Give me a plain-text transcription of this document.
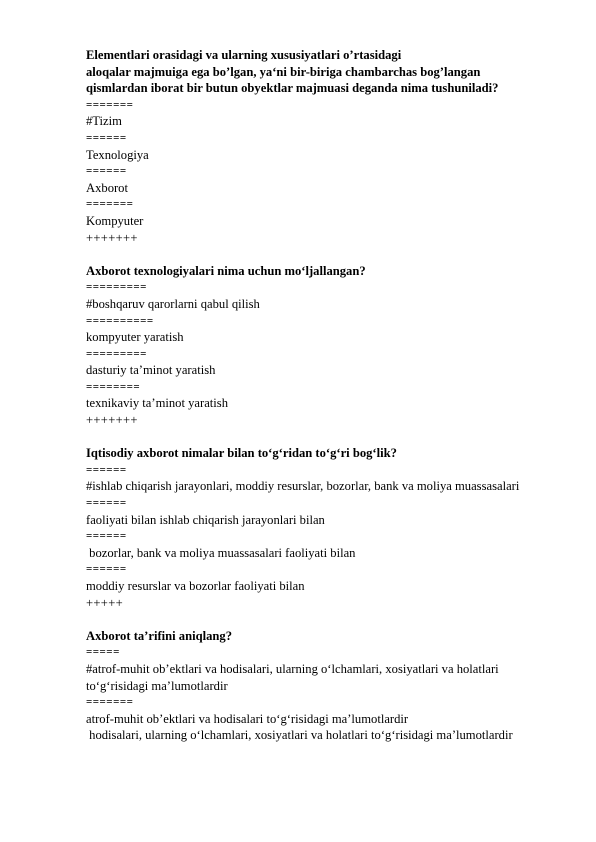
Elementlari orasidagi va ularning xususiyatlari o’rtasidagi
aloqalar majmuiga ega bo’lgan, ya‘ni bir-biriga chambarchas bog’langan
qismlardan iborat bir butun obyektlar majmuasi deganda nima tushuniladi?
=======
#Tizim
======
Texnologiya
======
Axborot
=======
Kompyuter
+++++++
Axborot texnologiyalari nima uchun mo‘ljallangan?
=========
#boshqaruv qarorlarni qabul qilish
==========
kompyuter yaratish
=========
dasturiy ta’minot yaratish
========
texnikaviy ta’minot yaratish
+++++++
Iqtisodiy axborot nimalar bilan to‘g‘ridan to‘g‘ri bog‘lik?
======
#ishlab chiqarish jarayonlari, moddiy resurslar, bozorlar, bank va moliya muassasalari
======
faoliyati bilan ishlab chiqarish jarayonlari bilan
======
bozorlar, bank va moliya muassasalari faoliyati bilan
======
moddiy resurslar va bozorlar faoliyati bilan
+++++
Axborot ta’rifini aniqlang?
=====
#atrof-muhit ob’ektlari va hodisalari, ularning o‘lchamlari, xosiyatlari va holatlari to‘g‘risidagi ma’lumotlardir
=======
atrof-muhit ob’ektlari va hodisalari to‘g‘risidagi ma’lumotlardir
hodisalari, ularning o‘lchamlari, xosiyatlari va holatlari to‘g‘risidagi ma’lumotlardir
